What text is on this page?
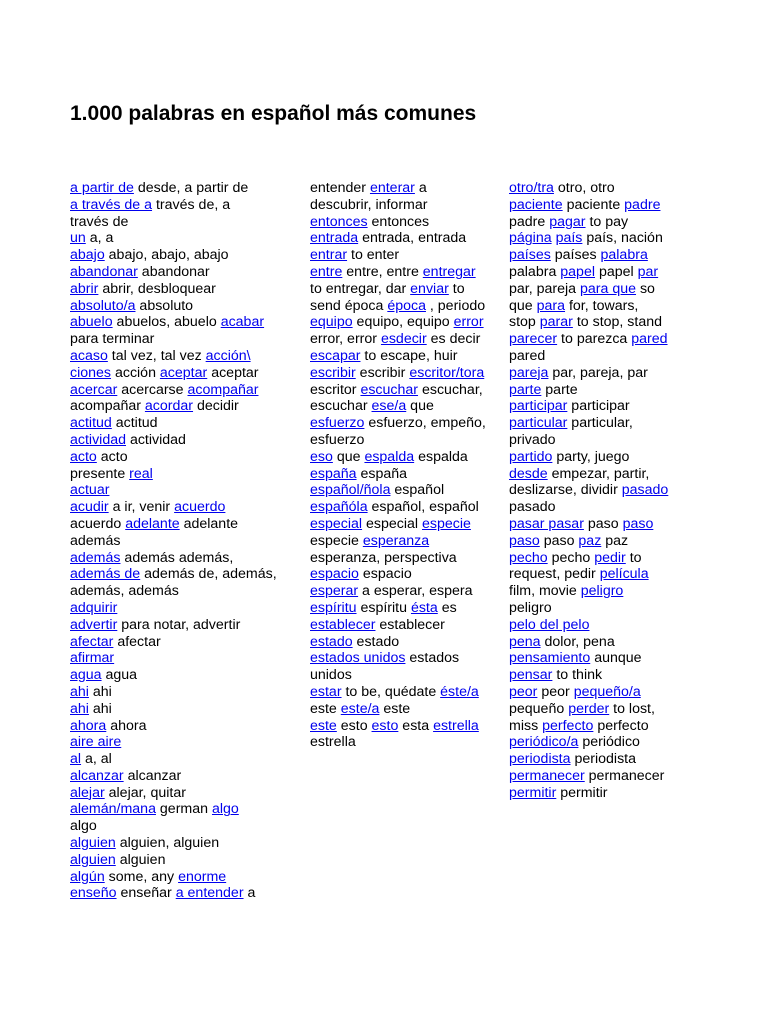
1.000 palabras en español más comunes
a partir de desde, a partir de
a través de a través de, a
través de
un a, a
abajo abajo, abajo, abajo
abandonar abandonar
abrir abrir, desbloquear
absoluto/a absoluto
abuelo abuelos, abuelo acabar
para terminar
acaso tal vez, tal vez acción\
ciones acción aceptar aceptar
acercar acercarse acompañar
acompañar acordar decidir
actitud actitud
actividad actividad
acto acto
presente real
actuar
acudir a ir, venir acuerdo
acuerdo adelante adelante
además
además además además,
además de además de, además,
además, además
adquirir
advertir para notar, advertir
afectar afectar
afirmar
agua agua
ahi ahi
ahi ahi
ahora ahora
aire aire
al a, al
alcanzar alcanzar
alejar alejar, quitar
alemán/mana german algo
algo
alguien alguien, alguien
alguien alguien
algún some, any enorme
enseño enseñar a entender a
entender enterar a
descubrir, informar
entonces entonces
entrada entrada, entrada
entrar to enter
entre entre, entre entregar
to entregar, dar enviar to
send época época , periodo
equipo equipo, equipo error
error, error esdecir es decir
escapar to escape, huir
escribir escribir escritor/tora
escritor escuchar escuchar,
escuchar ese/a que
esfuerzo esfuerzo, empeño,
esfuerzo
eso que espalda espalda
españa españa
español/ñola español
españóla español, español
especial especial especie
especie esperanza
esperanza, perspectiva
espacio espacio
esperar a esperar, espera
espíritu espíritu ésta es
establecer establecer
estado estado
estados unidos estados
unidos
estar to be, quédate éste/a
este este/a este
este esto esto esta estrella
estrella
otro/tra otro, otro
paciente paciente padre
padre pagar to pay
página país país, nación
países países palabra
palabra papel papel par
par, pareja para que so
que para for, towars,
stop parar to stop, stand
parecer to parezca pared
pared
pareja par, pareja, par
parte parte
participar participar
particular particular,
privado
partido party, juego
desde empezar, partir,
deslizarse, dividir pasado
pasado
pasar pasar paso paso
paso paso paz paz
pecho pecho pedir to
request, pedir película
film, movie peligro
peligro
pelo del pelo
pena dolor, pena
pensamiento aunque
pensar to think
peor peor pequeño/a
pequeño perder to lost,
miss perfecto perfecto
periódico/a periódico
periodista periodista
permanecer permanecer
permitir permitir
